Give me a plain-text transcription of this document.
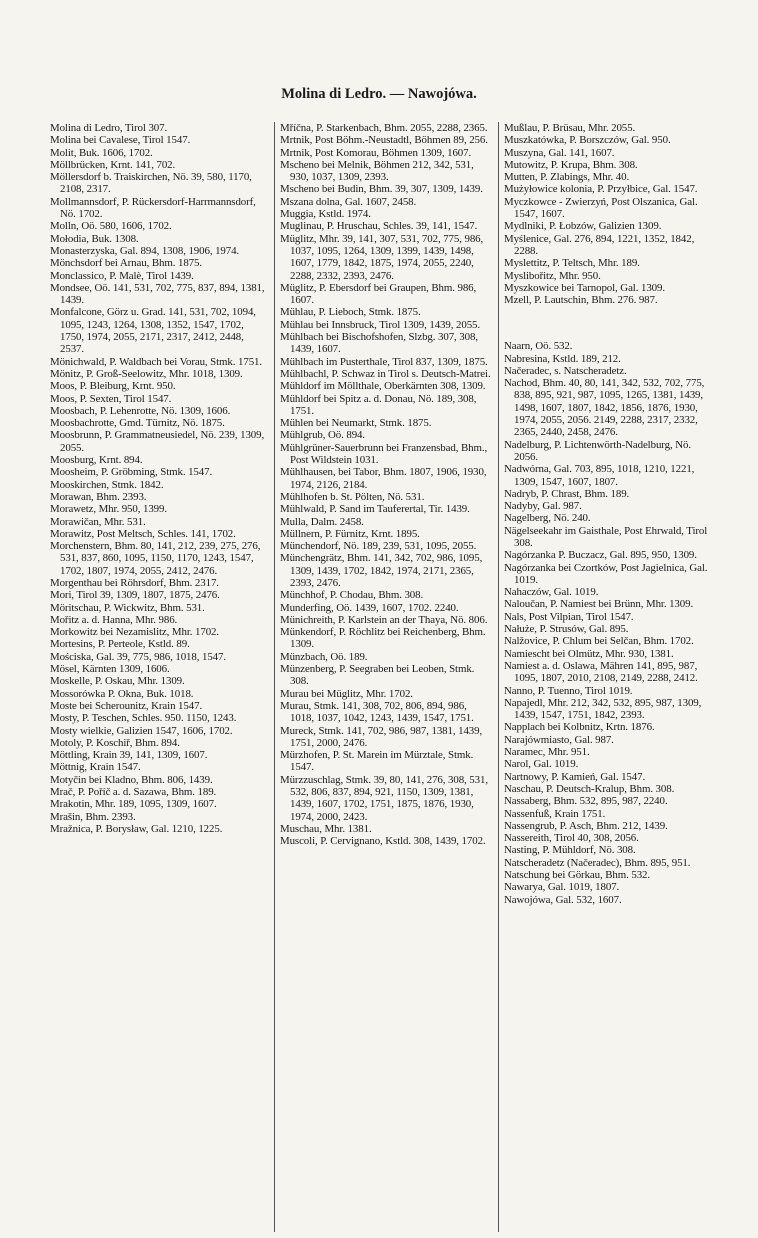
Molina di Ledro. — Nawojówa.

Molina di Ledro, Tirol 307.

Molina bei Cavalese, Tirol 1547.

Molit, Buk. 1606, 1702.

Möllbrücken, Krnt. 141, 702.

Möllersdorf b. Traiskirchen, Nö. 39, 580, 1170, 2108, 2317.

Mollmannsdorf, P. Rückersdorf-Harrmannsdorf, Nö. 1702.

Molln, Oö. 580, 1606, 1702.

Mołodia, Buk. 1308.

Monasterzyska, Gal. 894, 1308, 1906, 1974.

Mönchsdorf bei Arnau, Bhm. 1875.

Monclassico, P. Malè, Tirol 1439.

Mondsee, Oö. 141, 531, 702, 775, 837, 894, 1381, 1439.

Monfalcone, Görz u. Grad. 141, 531, 702, 1094, 1095, 1243, 1264, 1308, 1352, 1547, 1702, 1750, 1974, 2055, 2171, 2317, 2412, 2448, 2537.

Mönichwald, P. Waldbach bei Vorau, Stmk. 1751.

Mönitz, P. Groß-Seelowitz, Mhr. 1018, 1309.

Moos, P. Bleiburg, Krnt. 950.

Moos, P. Sexten, Tirol 1547.

Moosbach, P. Lehenrotte, Nö. 1309, 1606.

Moosbachrotte, Gmd. Türnitz, Nö. 1875.

Moosbrunn, P. Grammatneusiedel, Nö. 239, 1309, 2055.

Moosburg, Krnt. 894.

Moosheim, P. Gröbming, Stmk. 1547.

Mooskirchen, Stmk. 1842.

Morawan, Bhm. 2393.

Morawetz, Mhr. 950, 1399.

Morawičan, Mhr. 531.

Morawitz, Post Meltsch, Schles. 141, 1702.

Morchenstern, Bhm. 80, 141, 212, 239, 275, 276, 531, 837, 860, 1095, 1150, 1170, 1243, 1547, 1702, 1807, 1974, 2055, 2412, 2476.

Morgenthau bei Röhrsdorf, Bhm. 2317.

Mori, Tirol 39, 1309, 1807, 1875, 2476.

Möritschau, P. Wickwitz, Bhm. 531.

Mořitz a. d. Hanna, Mhr. 986.

Morkowitz bei Nezamislitz, Mhr. 1702.

Mortesins, P. Perteole, Kstld. 89.

Mościska, Gal. 39, 775, 986, 1018, 1547.

Mösel, Kärnten 1309, 1606.

Moskelle, P. Oskau, Mhr. 1309.

Mossorówka P. Okna, Buk. 1018.

Moste bei Scherounitz, Krain 1547.

Mosty, P. Teschen, Schles. 950. 1150, 1243.

Mosty wielkie, Galizien 1547, 1606, 1702.

Motoly, P. Koschiř, Bhm. 894.

Möttling, Krain 39, 141, 1309, 1607.

Möttnig, Krain 1547.

Motyčin bei Kladno, Bhm. 806, 1439.

Mrač, P. Poříč a. d. Sazawa, Bhm. 189.

Mrakotin, Mhr. 189, 1095, 1309, 1607.

Mrašin, Bhm. 2393.

Mražnica, P. Borysław, Gal. 1210, 1225.

Mříčna, P. Starkenbach, Bhm. 2055, 2288, 2365.

Mrtnik, Post Böhm.-Neustadtl, Böhmen 89, 256.

Mrtnik, Post Komorau, Böhmen 1309, 1607.

Mscheno bei Melnik, Böhmen 212, 342, 531, 930, 1037, 1309, 2393.

Mscheno bei Budin, Bhm. 39, 307, 1309, 1439.

Mszana dolna, Gal. 1607, 2458.

Muggia, Kstld. 1974.

Muglinau, P. Hruschau, Schles. 39, 141, 1547.

Müglitz, Mhr. 39, 141, 307, 531, 702, 775, 986, 1037, 1095, 1264, 1309, 1399, 1439, 1498, 1607, 1779, 1842, 1875, 1974, 2055, 2240, 2288, 2332, 2393, 2476.

Müglitz, P. Ebersdorf bei Graupen, Bhm. 986, 1607.

Mühlau, P. Lieboch, Stmk. 1875.

Mühlau bei Innsbruck, Tirol 1309, 1439, 2055.

Mühlbach bei Bischofshofen, Slzbg. 307, 308, 1439, 1607.

Mühlbach im Pusterthale, Tirol 837, 1309, 1875.

Mühlbachl, P. Schwaz in Tirol s. Deutsch-Matrei.

Mühldorf im Möllthale, Oberkärnten 308, 1309.

Mühldorf bei Spitz a. d. Donau, Nö. 189, 308, 1751.

Mühlen bei Neumarkt, Stmk. 1875.

Mühlgrub, Oö. 894.

Mühlgrüner-Sauerbrunn bei Franzensbad, Bhm., Post Wildstein 1031.

Mühlhausen, bei Tabor, Bhm. 1807, 1906, 1930, 1974, 2126, 2184.

Mühlhofen b. St. Pölten, Nö. 531.

Mühlwald, P. Sand im Tauferertal, Tir. 1439.

Mulla, Dalm. 2458.

Müllnern, P. Fürnitz, Krnt. 1895.

Münchendorf, Nö. 189, 239, 531, 1095, 2055.

Münchengrätz, Bhm. 141, 342, 702, 986, 1095, 1309, 1439, 1702, 1842, 1974, 2171, 2365, 2393, 2476.

Münchhof, P. Chodau, Bhm. 308.

Munderfing, Oö. 1439, 1607, 1702. 2240.

Münichreith, P. Karlstein an der Thaya, Nö. 806.

Münkendorf, P. Röchlitz bei Reichenberg, Bhm. 1309.

Münzbach, Oö. 189.

Münzenberg, P. Seegraben bei Leoben, Stmk. 308.

Murau bei Müglitz, Mhr. 1702.

Murau, Stmk. 141, 308, 702, 806, 894, 986, 1018, 1037, 1042, 1243, 1439, 1547, 1751.

Mureck, Stmk. 141, 702, 986, 987, 1381, 1439, 1751, 2000, 2476.

Mürzhofen, P. St. Marein im Mürztale, Stmk. 1547.

Mürzzuschlag, Stmk. 39, 80, 141, 276, 308, 531, 532, 806, 837, 894, 921, 1150, 1309, 1381, 1439, 1607, 1702, 1751, 1875, 1876, 1930, 1974, 2000, 2423.

Muschau, Mhr. 1381.

Muscoli, P. Cervignano, Kstld. 308, 1439, 1702.

Mußlau, P. Brüsau, Mhr. 2055.

Muszkatówka, P. Borszczów, Gal. 950.

Muszyna, Gal. 141, 1607.

Mutowitz, P. Krupa, Bhm. 308.

Mutten, P. Zlabings, Mhr. 40.

Mużyłowice kolonia, P. Przyłbice, Gal. 1547.

Myczkowce - Zwierzyń, Post Olszanica, Gal. 1547, 1607.

Mydlniki, P. Łobzów, Galizien 1309.

Myślenice, Gal. 276, 894, 1221, 1352, 1842, 2288.

Myslettitz, P. Teltsch, Mhr. 189.

Myslibořitz, Mhr. 950.

Myszkowice bei Tarnopol, Gal. 1309.

Mzell, P. Lautschin, Bhm. 276. 987.

Naarn, Oö. 532.

Nabresina, Kstld. 189, 212.

Načeradec, s. Natscheradetz.

Nachod, Bhm. 40, 80, 141, 342, 532, 702, 775, 838, 895, 921, 987, 1095, 1265, 1381, 1439, 1498, 1607, 1807, 1842, 1856, 1876, 1930, 1974, 2055, 2056. 2149, 2288, 2317, 2332, 2365, 2440, 2458, 2476.

Nadelburg, P. Lichtenwörth-Nadelburg, Nö. 2056.

Nadwórna, Gal. 703, 895, 1018, 1210, 1221, 1309, 1547, 1607, 1807.

Nadryb, P. Chrast, Bhm. 189.

Nadyby, Gal. 987.

Nagelberg, Nö. 240.

Nägelseekahr im Gaisthale, Post Ehrwald, Tirol 308.

Nagórzanka P. Buczacz, Gal. 895, 950, 1309.

Nagórzanka bei Czortków, Post Jagielnica, Gal. 1019.

Nahaczów, Gal. 1019.

Naloučan, P. Namiest bei Brünn, Mhr. 1309.

Nals, Post Vilpian, Tirol 1547.

Nałuże, P. Strusów, Gal. 895.

Nalžovice, P. Chlum bei Selčan, Bhm. 1702.

Namiescht bei Olmütz, Mhr. 930, 1381.

Namiest a. d. Oslawa, Mähren 141, 895, 987, 1095, 1807, 2010, 2108, 2149, 2288, 2412.

Nanno, P. Tuenno, Tirol 1019.

Napajedl, Mhr. 212, 342, 532, 895, 987, 1309, 1439, 1547, 1751, 1842, 2393.

Napplach bei Kolbnitz, Krtn. 1876.

Narajówmiasto, Gal. 987.

Naramec, Mhr. 951.

Narol, Gal. 1019.

Nartnowy, P. Kamień, Gal. 1547.

Naschau, P. Deutsch-Kralup, Bhm. 308.

Nassaberg, Bhm. 532, 895, 987, 2240.

Nassenfuß, Krain 1751.

Nassengrub, P. Asch, Bhm. 212, 1439.

Nassereith, Tirol 40, 308, 2056.

Nasting, P. Mühldorf, Nö. 308.

Natscheradetz (Načeradec), Bhm. 895, 951.

Natschung bei Görkau, Bhm. 532.

Nawarya, Gal. 1019, 1807.

Nawojówa, Gal. 532, 1607.
